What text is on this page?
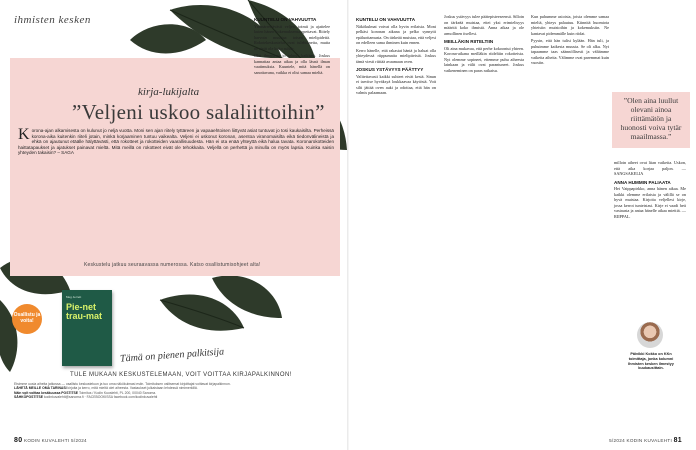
ihmisten kesken
kirja-lukijalta
”Veljeni uskoo salaliittoihin”
Korona-ajan alkamisesta on kulunut jo neljä vuotta. Moni sen ajan riitely tyttäreen ja vapaaehtoisen liittyvät asiat tuntuvat jo tosi kaukaisilta. Perheissä korona-aika kuitenkin riiteli jotain, minkä korjaaminen tuntuu vaikealta. Veljeni ei uskonut koronan, asentoa viranomaisilta eikä tiedonvälineistä ja ehkä on ajautunut etäälle hälyttävästi, että rokotteet ja rokotteiden vaarallisuudesta. Hän ei ota enää yhteyttä eikä halua tavata. Koronarokotteiden haittatapaukset ja ajatukset painavat mieltä. Mitä meillä on rokotteet eivät ole tehokkaita. Veljellä on perhettä ja minulla on myös lapsia. Kuinka saisin yhteyden takaisin? – SAGA
Keskustelu jatkuu seuraavassa numerossa. Katso osallistumisohjeet alta!
Osallistu ja voita!
Meg Jerrett
Pie-net trau-mat
Tämä on pienen palkitsija
TULE MUKAAN KESKUSTELEMAAN, VOIT VOITTAA KIRJAPALKINNON!
Etsimme uusia aiheita jatkossa — osallistu keskusteluun ja tuo oma näkökulmasi esiin. Toimituksen valitsemat kirjoittajat voittavat kirjapalkinnon.
LÄHETÄ MEILLE OMA TARINASI kirjoita ja kerro, mitä mieltä olet aiheesta. Vastaukset julkaistaan lehdessä nimimerkillä.
Näin voit voittaa kesäkuussa POSTITSE Toimitus / Kodin Kuvalehti, PL 200, 00040 Sanoma.
SÄHKÖPOSTITSE kodinkuvalehti@sanoma.fi · FACEBOOKISSA facebook.com/kodinkuvalehti
KUUNTELU ON VAHVUUTTA

Ymmärrettävästi veljesi toimii ja ajattelee kuten hänen kokemuksensa opettavat. Riitely harvoin muuttaa toisen mielipidettä. Rokotekeskustelut ovat tulehtuneita, mutta ne eivät ole koko suhde.

Olet ilmeisesti jo tehnyt kaikkesi. Joskus kannattaa antaa aikaa ja olla läsnä ilman vaatimuksia. Kuuntele, mitä hänellä on sanottavana, vaikka et olisi samaa mieltä.

KUNTELU ON VAHVUUTTA

Näkökulmat voivat olla hyvin erilaisia. Moni pelkäsi koronan aikana ja pelko synnytti epäluottamusta. On tärkeää muistaa, että veljesi on edelleen sama ihminen kuin ennen.

Kerro hänelle, että rakastat häntä ja haluat olla yhteydessä riippumatta mielipiteistä. Joskus tämä viesti riittää avaamaan oven.

JOSKUS YSTÄVYYS PÄÄTTYY

Valitettavasti kaikki suhteet eivät kestä. Sinun ei tarvitse hyväksyä loukkaavaa käytöstä. Voit silti jättää oven auki ja odottaa, että hän on valmis palaamaan.

Joskus ystävyys tulee päätepisteeseensä. Silloin on tärkeää muistaa, ettei yksi erimielisyys määritä koko ihmistä. Anna aikaa ja ole armollinen itsellesi.

MEILLÄKIN RIITELTIIN

Oli aina mukavaa, että perhe kokoontui yhteen. Korona-aikana meilläkin riideltiin rokotteista. Nyt olemme sopineet, ettemme puhu aiheesta lainkaan ja välit ovat parantuneet. Joskus vaikeneminen on paras ratkaisu.

Kun puhumme asioista, joista olemme samaa mieltä, yhteys palautuu. Kiinnitä huomiota yhteisiin muistoihin ja kokemuksiin. Ne kantavat pidemmälle kuin riidat.

Pyysin, että hän tulisi kylään. Hän tuli, ja puhuimme kaikesta muusta. Se oli alku. Nyt tapaamme taas säännöllisesti ja vältämme vaikeita aiheita. Välimme ovat paremmat kuin vuosiin.

”Olen aina luullut olevani ainoa riittämätön ja huonosti voiva tytär maailmassa.”

milloin aiheet ovat liian vaikeita. Uskon, että aika korjaa paljon. — SANGSAKELIA

ANNA HUMMIN PALIAATA

Hei Vaippapirkko, anna hänen aikaa. Me kaikki olemme erilaisia ja välillä se on hyvä muistaa. Kirjoita veljellesi kirje, jossa kerrot tunteistasi. Kirje ei vaadi heti vastausta ja antaa hänelle aikaa miettiä. — RIIPPAL.

Päivikki Kokko on KKn toimittaja, jonka kolumni Ihmisten kesken ilmestyy kuukausittain.
80 KODIN KUVALEHTI 5/2024	5/2024 KODIN KUVALEHTI 81
